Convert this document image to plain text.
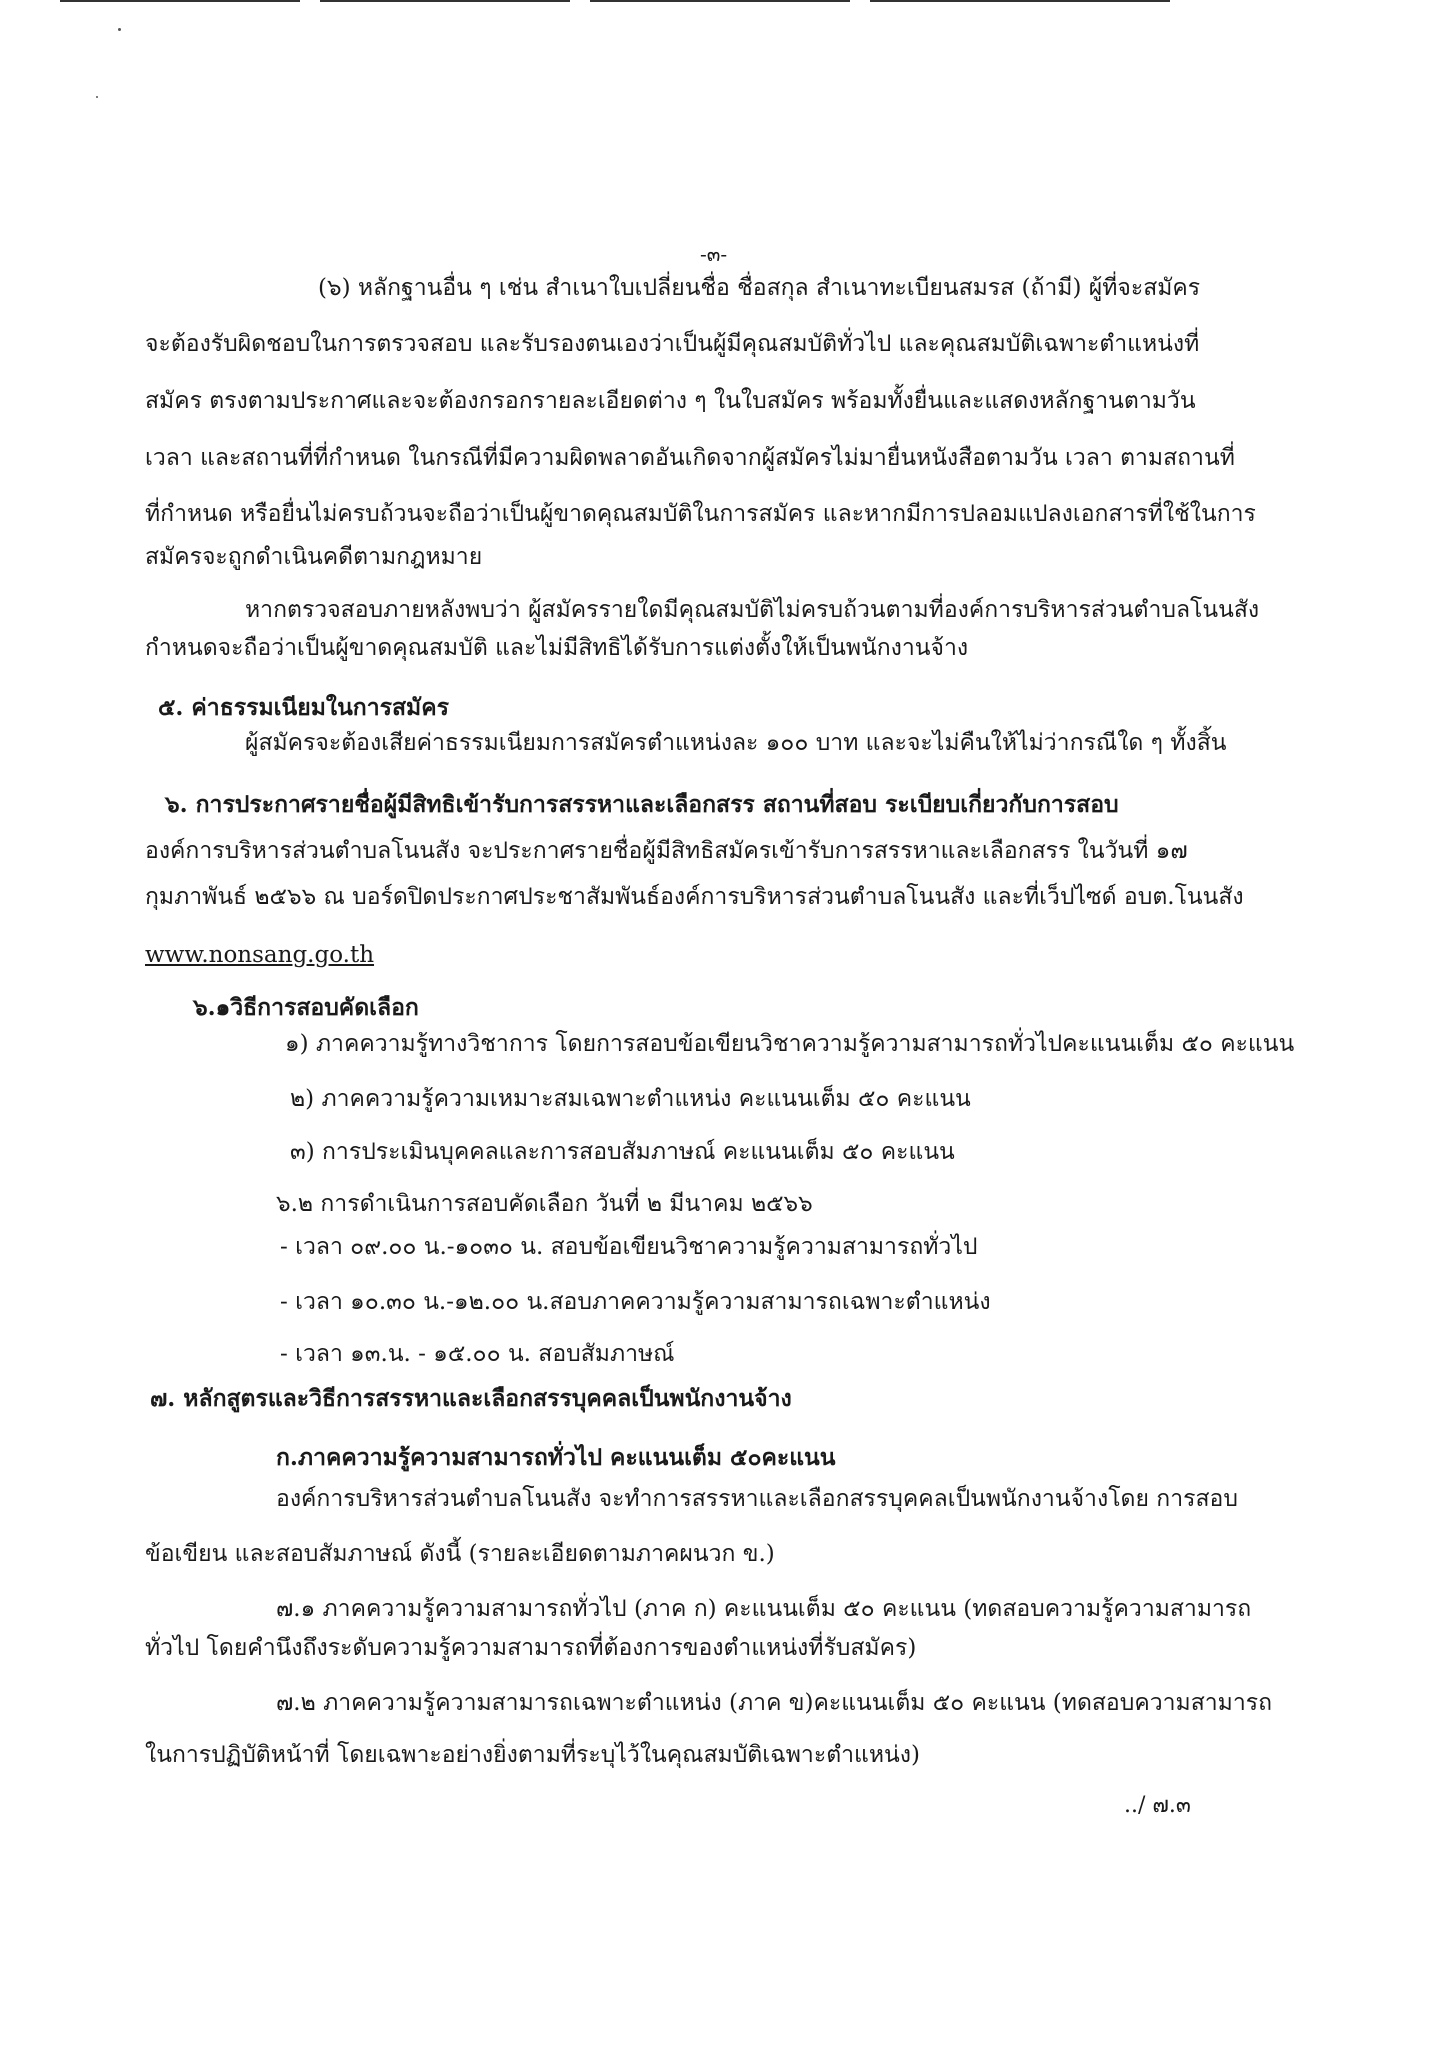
-๓-
(๖) หลักฐานอื่น ๆ เช่น สำเนาใบเปลี่ยนชื่อ ชื่อสกุล สำเนาทะเบียนสมรส (ถ้ามี) ผู้ที่จะสมัคร
จะต้องรับผิดชอบในการตรวจสอบ และรับรองตนเองว่าเป็นผู้มีคุณสมบัติทั่วไป และคุณสมบัติเฉพาะตำแหน่งที่
สมัคร ตรงตามประกาศและจะต้องกรอกรายละเอียดต่าง ๆ ในใบสมัคร พร้อมทั้งยื่นและแสดงหลักฐานตามวัน
เวลา และสถานที่ที่กำหนด ในกรณีที่มีความผิดพลาดอันเกิดจากผู้สมัครไม่มายื่นหนังสือตามวัน เวลา ตามสถานที่
ที่กำหนด หรือยื่นไม่ครบถ้วนจะถือว่าเป็นผู้ขาดคุณสมบัติในการสมัคร และหากมีการปลอมแปลงเอกสารที่ใช้ในการ
สมัครจะถูกดำเนินคดีตามกฎหมาย
หากตรวจสอบภายหลังพบว่า ผู้สมัครรายใดมีคุณสมบัติไม่ครบถ้วนตามที่องค์การบริหารส่วนตำบลโนนสัง
กำหนดจะถือว่าเป็นผู้ขาดคุณสมบัติ และไม่มีสิทธิได้รับการแต่งตั้งให้เป็นพนักงานจ้าง
๕. ค่าธรรมเนียมในการสมัคร
ผู้สมัครจะต้องเสียค่าธรรมเนียมการสมัครตำแหน่งละ ๑๐๐ บาท และจะไม่คืนให้ไม่ว่ากรณีใด ๆ ทั้งสิ้น
๖. การประกาศรายชื่อผู้มีสิทธิเข้ารับการสรรหาและเลือกสรร สถานที่สอบ ระเบียบเกี่ยวกับการสอบ
องค์การบริหารส่วนตำบลโนนสัง จะประกาศรายชื่อผู้มีสิทธิสมัครเข้ารับการสรรหาและเลือกสรร ในวันที่ ๑๗
กุมภาพันธ์ ๒๕๖๖ ณ บอร์ดปิดประกาศประชาสัมพันธ์องค์การบริหารส่วนตำบลโนนสัง และที่เว็ปไซด์ อบต.โนนสัง
www.nonsang.go.th
๖.๑วิธีการสอบคัดเลือก
๑) ภาคความรู้ทางวิชาการ โดยการสอบข้อเขียนวิชาความรู้ความสามารถทั่วไปคะแนนเต็ม ๕๐ คะแนน
๒) ภาคความรู้ความเหมาะสมเฉพาะตำแหน่ง คะแนนเต็ม ๕๐ คะแนน
๓) การประเมินบุคคลและการสอบสัมภาษณ์ คะแนนเต็ม ๕๐ คะแนน
๖.๒ การดำเนินการสอบคัดเลือก วันที่ ๒ มีนาคม ๒๕๖๖
- เวลา ๐๙.๐๐ น.-๑๐๓๐ น. สอบข้อเขียนวิชาความรู้ความสามารถทั่วไป
- เวลา ๑๐.๓๐ น.-๑๒.๐๐ น.สอบภาคความรู้ความสามารถเฉพาะตำแหน่ง
- เวลา ๑๓.น. - ๑๕.๐๐ น. สอบสัมภาษณ์
๗. หลักสูตรและวิธีการสรรหาและเลือกสรรบุคคลเป็นพนักงานจ้าง
ก.ภาคความรู้ความสามารถทั่วไป คะแนนเต็ม ๕๐คะแนน
องค์การบริหารส่วนตำบลโนนสัง จะทำการสรรหาและเลือกสรรบุคคลเป็นพนักงานจ้างโดย การสอบ
ข้อเขียน และสอบสัมภาษณ์ ดังนี้ (รายละเอียดตามภาคผนวก ข.)
๗.๑ ภาคความรู้ความสามารถทั่วไป (ภาค ก) คะแนนเต็ม ๕๐ คะแนน (ทดสอบความรู้ความสามารถ
ทั่วไป โดยคำนึงถึงระดับความรู้ความสามารถที่ต้องการของตำแหน่งที่รับสมัคร)
๗.๒ ภาคความรู้ความสามารถเฉพาะตำแหน่ง (ภาค ข)คะแนนเต็ม ๕๐ คะแนน (ทดสอบความสามารถ
ในการปฏิบัติหน้าที่ โดยเฉพาะอย่างยิ่งตามที่ระบุไว้ในคุณสมบัติเฉพาะตำแหน่ง)
../ ๗.๓
